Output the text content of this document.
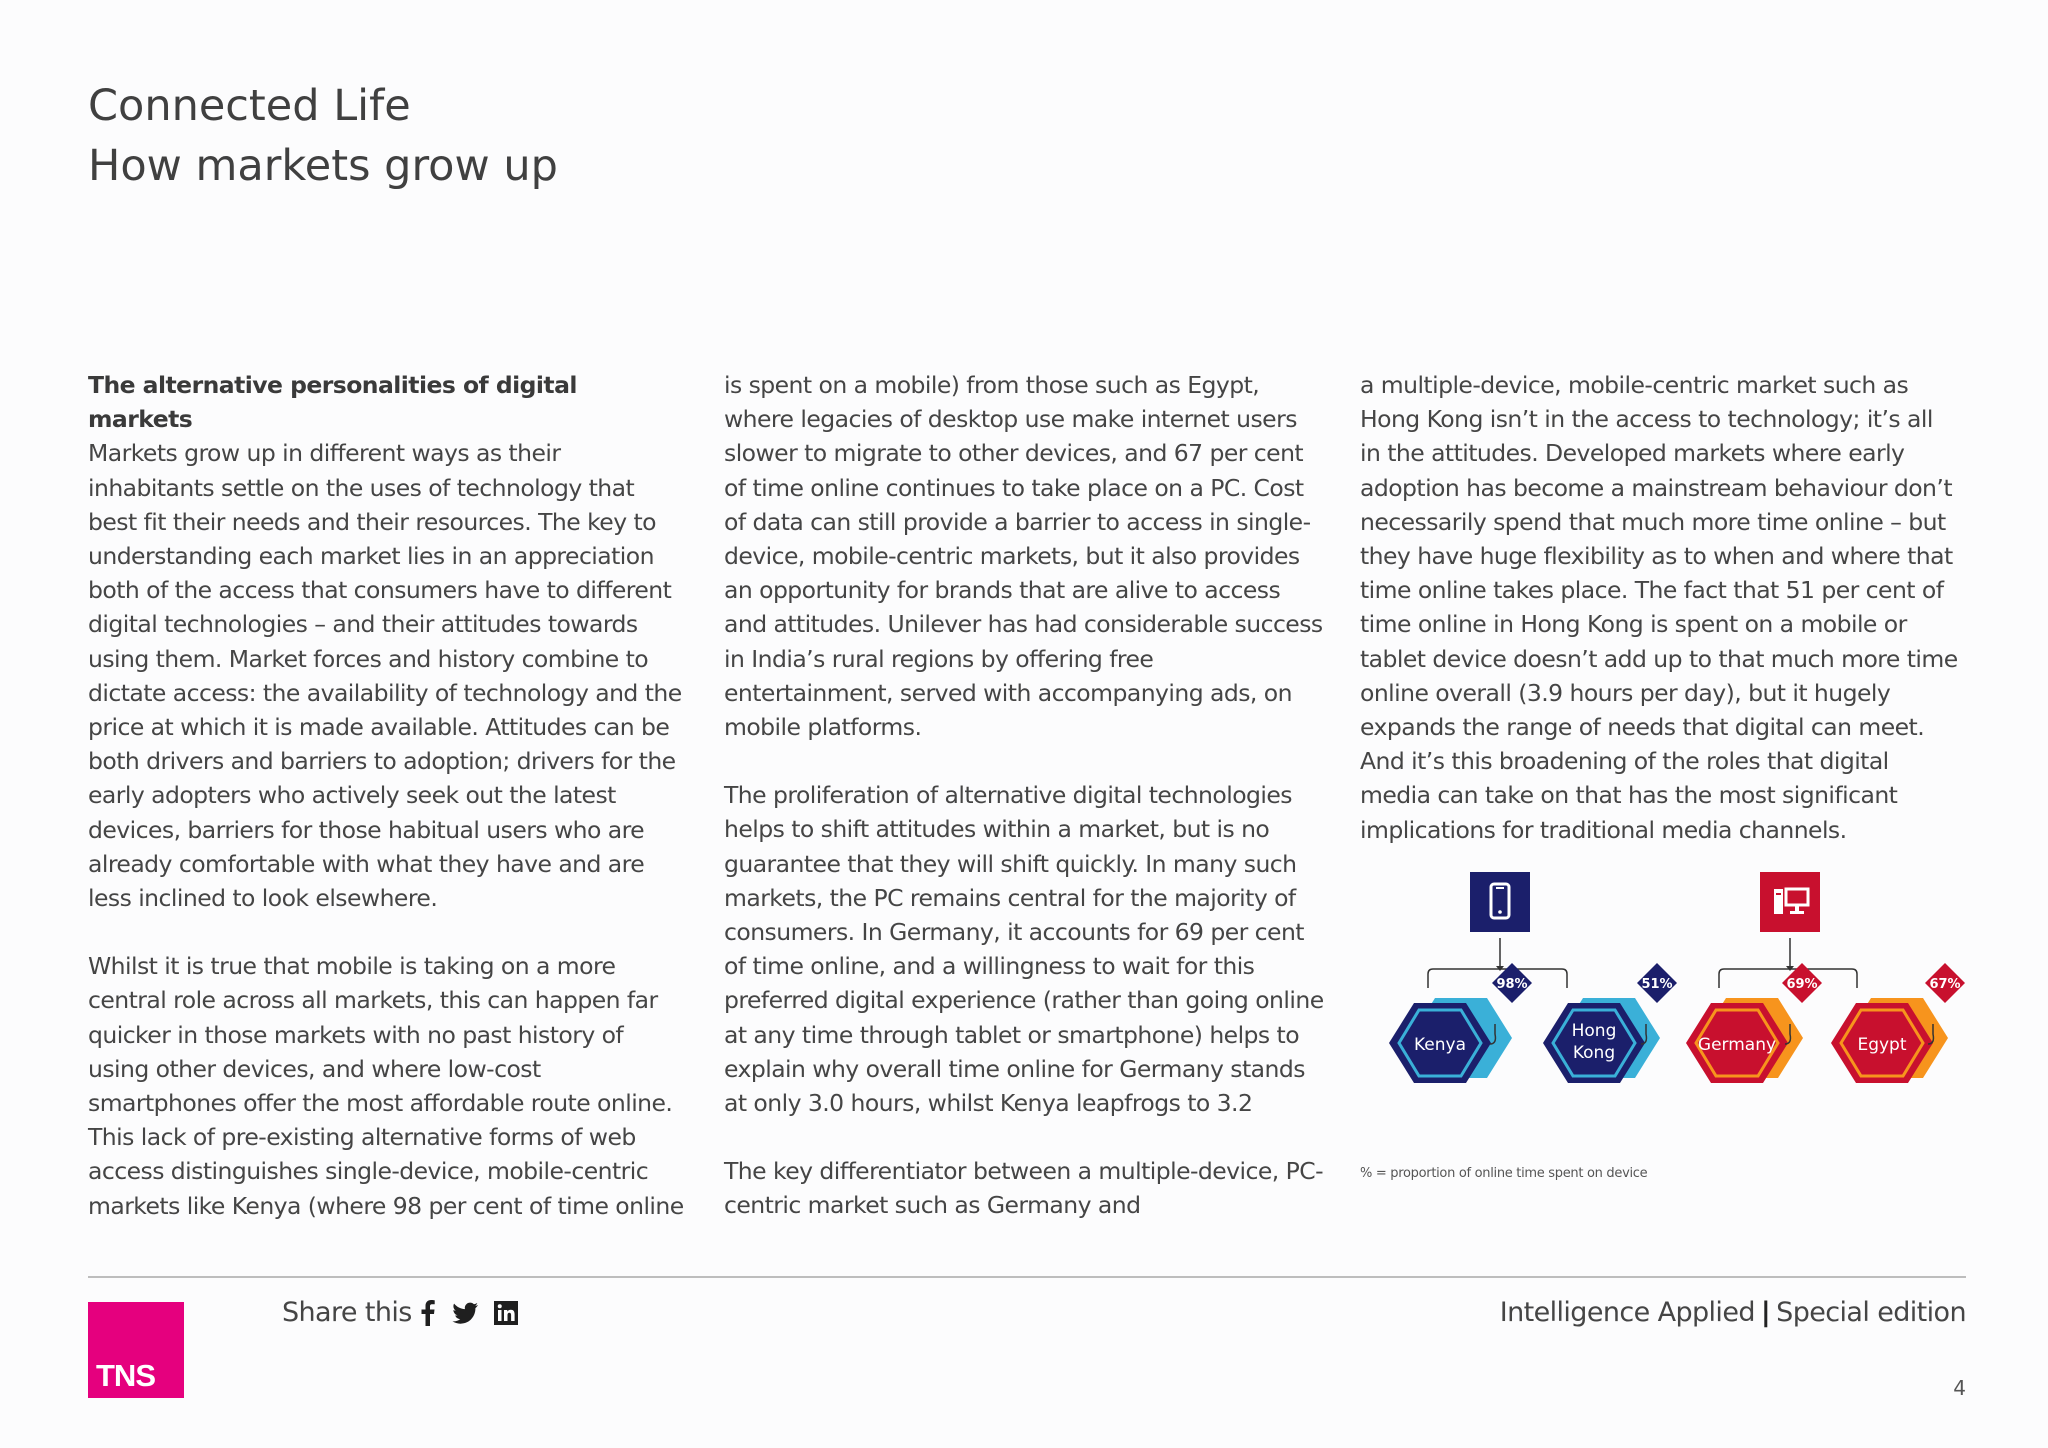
Connected Life
How markets grow up
The alternative personalities of digital markets

Markets grow up in different ways as their inhabitants settle on the uses of technology that best fit their needs and their resources. The key to understanding each market lies in an appreciation both of the access that consumers have to different digital technologies – and their attitudes towards using them. Market forces and history combine to dictate access: the availability of technology and the price at which it is made available. Attitudes can be both drivers and barriers to adoption; drivers for the early adopters who actively seek out the latest devices, barriers for those habitual users who are already comfortable with what they have and are less inclined to look elsewhere.

Whilst it is true that mobile is taking on a more central role across all markets, this can happen far quicker in those markets with no past history of using other devices, and where low-cost smartphones offer the most affordable route online. This lack of pre-existing alternative forms of web access distinguishes single-device, mobile-centric markets like Kenya (where 98 per cent of time online

is spent on a mobile) from those such as Egypt, where legacies of desktop use make internet users slower to migrate to other devices, and 67 per cent of time online continues to take place on a PC. Cost of data can still provide a barrier to access in single-device, mobile-centric markets, but it also provides an opportunity for brands that are alive to access and attitudes. Unilever has had considerable success in India’s rural regions by offering free entertainment, served with accompanying ads, on mobile platforms.

The proliferation of alternative digital technologies helps to shift attitudes within a market, but is no guarantee that they will shift quickly. In many such markets, the PC remains central for the majority of consumers. In Germany, it accounts for 69 per cent of time online, and a willingness to wait for this preferred digital experience (rather than going online at any time through tablet or smartphone) helps to explain why overall time online for Germany stands at only 3.0 hours, whilst Kenya leapfrogs to 3.2

The key differentiator between a multiple-device, PC-centric market such as Germany and

a multiple-device, mobile-centric market such as Hong Kong isn’t in the access to technology; it’s all in the attitudes. Developed markets where early adoption has become a mainstream behaviour don’t necessarily spend that much more time online – but they have huge flexibility as to when and where that time online takes place. The fact that 51 per cent of time online in Hong Kong is spent on a mobile or tablet device doesn’t add up to that much more time online overall (3.9 hours per day), but it hugely expands the range of needs that digital can meet. And it’s this broadening of the roles that digital media can take on that has the most significant implications for traditional media channels.

Kenya
98%
Hong
Kong
51%
Germany
69%
Egypt
67%
% = proportion of online time spent on device
TNS
Share this	Intelligence Applied | Special edition
4
